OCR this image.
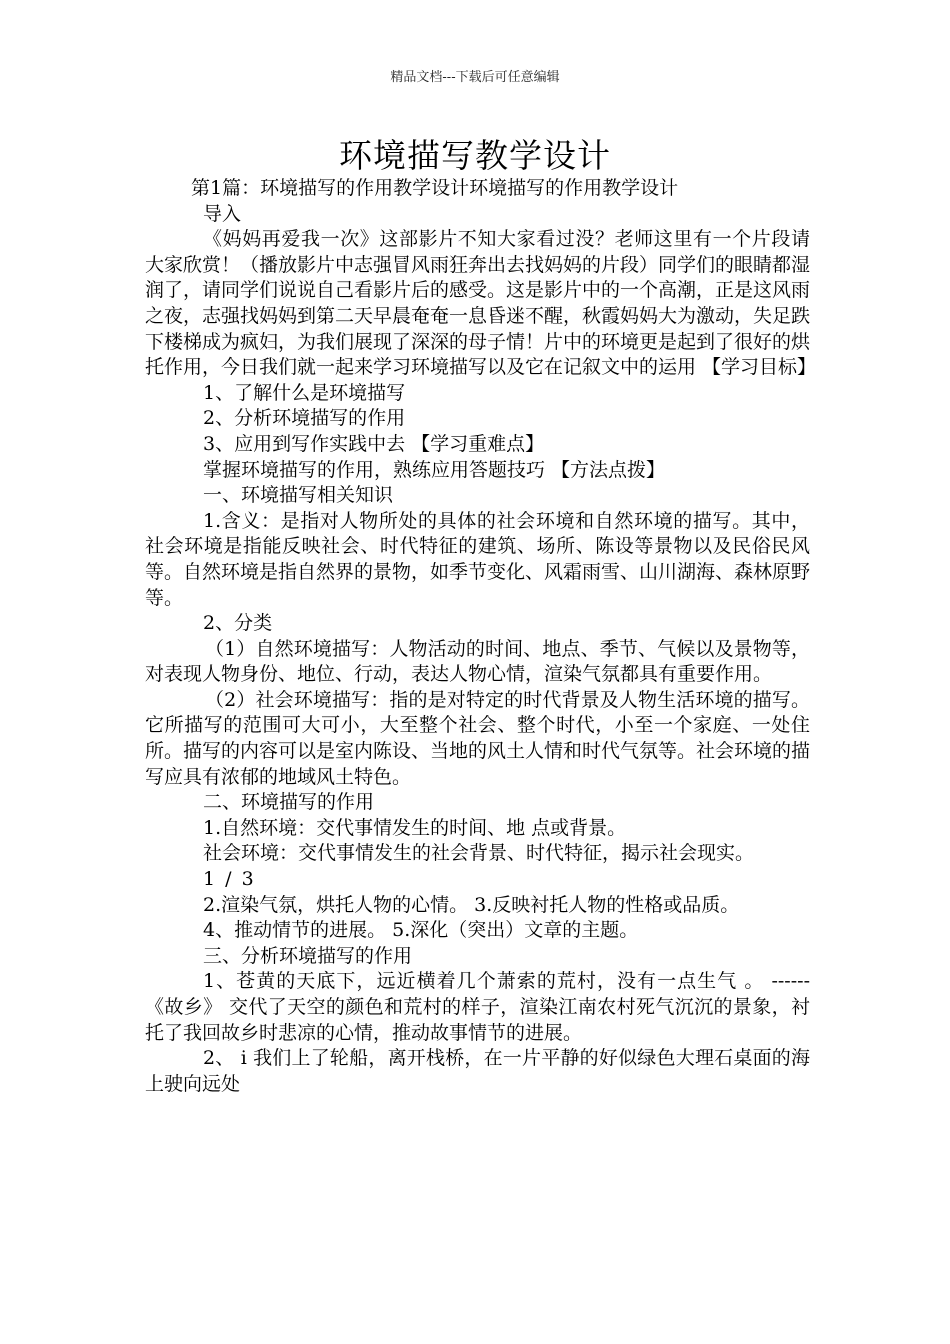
精品文档---下载后可任意编辑
环境描写教学设计

第1篇：环境描写的作用教学设计环境描写的作用教学设计

导入

《妈妈再爱我一次》这部影片不知大家看过没？老师这里有一个片段请大家欣赏！（播放影片中志强冒风雨狂奔出去找妈妈的片段）同学们的眼睛都湿润了，请同学们说说自己看影片后的感受。这是影片中的一个高潮，正是这风雨之夜，志强找妈妈到第二天早晨奄奄一息昏迷不醒，秋霞妈妈大为激动，失足跌下楼梯成为疯妇，为我们展现了深深的母子情！片中的环境更是起到了很好的烘托作用，今日我们就一起来学习环境描写以及它在记叙文中的运用 【学习目标】

1、了解什么是环境描写

2、分析环境描写的作用

3、应用到写作实践中去 【学习重难点】

掌握环境描写的作用，熟练应用答题技巧 【方法点拨】

一、环境描写相关知识

1.含义：是指对人物所处的具体的社会环境和自然环境的描写。其中，社会环境是指能反映社会、时代特征的建筑、场所、陈设等景物以及民俗民风等。自然环境是指自然界的景物，如季节变化、风霜雨雪、山川湖海、森林原野等。

2、分类

（1）自然环境描写：人物活动的时间、地点、季节、气候以及景物等，对表现人物身份、地位、行动，表达人物心情，渲染气氛都具有重要作用。

（2）社会环境描写：指的是对特定的时代背景及人物生活环境的描写。它所描写的范围可大可小，大至整个社会、整个时代，小至一个家庭、一处住所。描写的内容可以是室内陈设、当地的风土人情和时代气氛等。社会环境的描写应具有浓郁的地域风土特色。

二、环境描写的作用

1.自然环境：交代事情发生的时间、地 点或背景。

社会环境：交代事情发生的社会背景、时代特征，揭示社会现实。

1 / 3

2.渲染气氛，烘托人物的心情。 3.反映衬托人物的性格或品质。

4、推动情节的进展。 5.深化（突出）文章的主题。

三、分析环境描写的作用

1、苍黄的天底下，远近横着几个萧索的荒村，没有一点生气 。 ------《故乡》 交代了天空的颜色和荒村的样子，渲染江南农村死气沉沉的景象，衬托了我回故乡时悲凉的心情，推动故事情节的进展。

2、 i 我们上了轮船，离开栈桥，在一片平静的好似绿色大理石桌面的海上驶向远处
